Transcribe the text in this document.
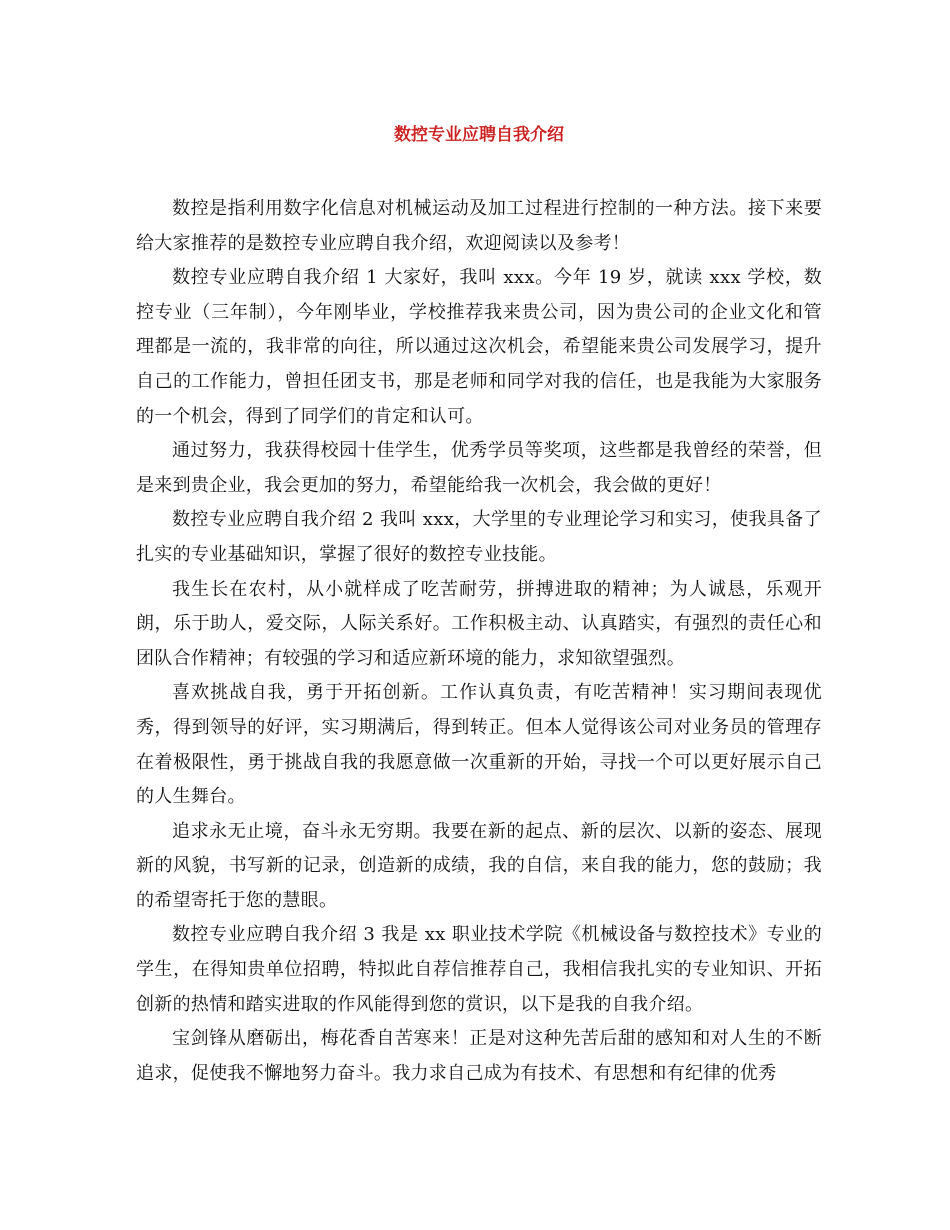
数控专业应聘自我介绍

数控是指利用数字化信息对机械运动及加工过程进行控制的一种方法。接下来要给大家推荐的是数控专业应聘自我介绍，欢迎阅读以及参考！

数控专业应聘自我介绍 1 大家好，我叫 xxx。今年 19 岁，就读 xxx 学校，数控专业（三年制），今年刚毕业，学校推荐我来贵公司，因为贵公司的企业文化和管理都是一流的，我非常的向往，所以通过这次机会，希望能来贵公司发展学习，提升自己的工作能力，曾担任团支书，那是老师和同学对我的信任，也是我能为大家服务的一个机会，得到了同学们的肯定和认可。

通过努力，我获得校园十佳学生，优秀学员等奖项，这些都是我曾经的荣誉，但是来到贵企业，我会更加的努力，希望能给我一次机会，我会做的更好！

数控专业应聘自我介绍 2 我叫 xxx，大学里的专业理论学习和实习，使我具备了扎实的专业基础知识，掌握了很好的数控专业技能。

我生长在农村，从小就样成了吃苦耐劳，拼搏进取的精神；为人诚恳，乐观开朗，乐于助人，爱交际，人际关系好。工作积极主动、认真踏实，有强烈的责任心和团队合作精神；有较强的学习和适应新环境的能力，求知欲望强烈。

喜欢挑战自我，勇于开拓创新。工作认真负责，有吃苦精神！实习期间表现优秀，得到领导的好评，实习期满后，得到转正。但本人觉得该公司对业务员的管理存在着极限性，勇于挑战自我的我愿意做一次重新的开始，寻找一个可以更好展示自己的人生舞台。

追求永无止境，奋斗永无穷期。我要在新的起点、新的层次、以新的姿态、展现新的风貌，书写新的记录，创造新的成绩，我的自信，来自我的能力，您的鼓励；我的希望寄托于您的慧眼。

数控专业应聘自我介绍 3 我是 xx 职业技术学院《机械设备与数控技术》专业的学生，在得知贵单位招聘，特拟此自荐信推荐自己，我相信我扎实的专业知识、开拓创新的热情和踏实进取的作风能得到您的赏识，以下是我的自我介绍。

宝剑锋从磨砺出，梅花香自苦寒来！正是对这种先苦后甜的感知和对人生的不断追求，促使我不懈地努力奋斗。我力求自己成为有技术、有思想和有纪律的优秀
